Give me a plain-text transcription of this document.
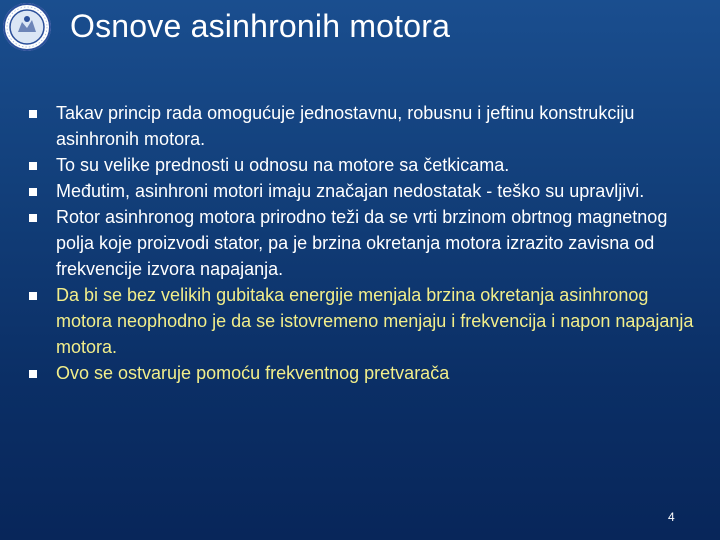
Osnove asinhronih motora
Takav princip rada omogućuje jednostavnu, robusnu i jeftinu konstrukciju asinhronih motora.
To su velike prednosti u odnosu na motore sa četkicama.
Međutim, asinhroni motori imaju značajan nedostatak - teško su upravljivi.
Rotor asinhronog motora prirodno teži da se vrti brzinom obrtnog magnetnog polja koje proizvodi stator, pa je brzina okretanja motora izrazito zavisna od frekvencije izvora napajanja.
Da bi se bez velikih gubitaka energije menjala brzina okretanja asinhronog motora neophodno je da se istovremeno menjaju i frekvencija i napon napajanja motora.
Ovo se ostvaruje pomoću frekventnog pretvarača
4
